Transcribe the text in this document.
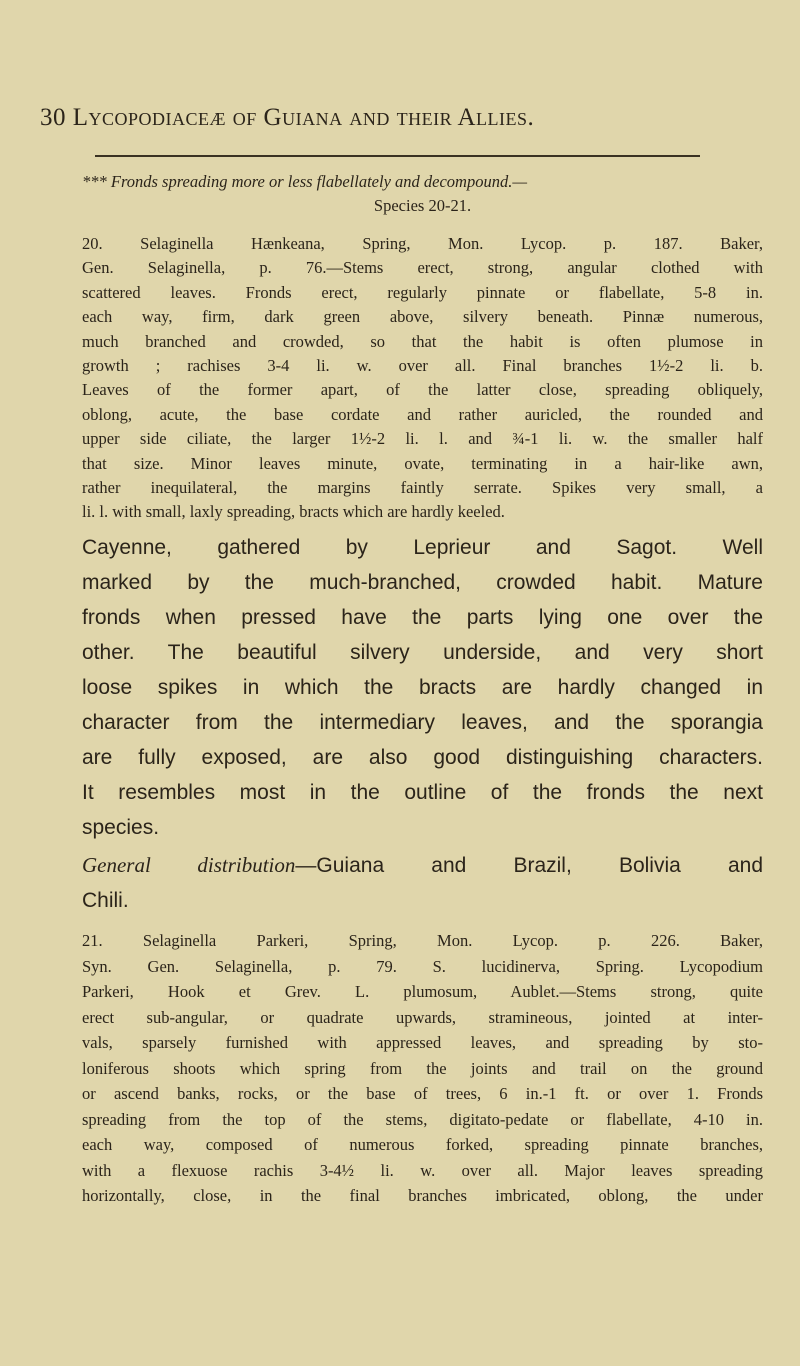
30 Lycopodiaceæ of Guiana and their Allies.
*** Fronds spreading more or less flabellately and decompound.—
Species 20-21.
20. Selaginella Hænkeana, Spring, Mon. Lycop. p. 187. Baker,
Gen. Selaginella, p. 76.—Stems erect, strong, angular clothed with
scattered leaves. Fronds erect, regularly pinnate or flabellate, 5-8 in.
each way, firm, dark green above, silvery beneath. Pinnæ numerous,
much branched and crowded, so that the habit is often plumose in
growth ; rachises 3-4 li. w. over all. Final branches 1½-2 li. b.
Leaves of the former apart, of the latter close, spreading obliquely,
oblong, acute, the base cordate and rather auricled, the rounded and
upper side ciliate, the larger 1½-2 li. l. and ¾-1 li. w. the smaller half
that size. Minor leaves minute, ovate, terminating in a hair-like awn,
rather inequilateral, the margins faintly serrate. Spikes very small, a
li. l. with small, laxly spreading, bracts which are hardly keeled.
Cayenne, gathered by Leprieur and Sagot. Well
marked by the much-branched, crowded habit. Mature
fronds when pressed have the parts lying one over the
other. The beautiful silvery underside, and very short
loose spikes in which the bracts are hardly changed in
character from the intermediary leaves, and the sporangia
are fully exposed, are also good distinguishing characters.
It resembles most in the outline of the fronds the next
species.
General distribution—Guiana and Brazil, Bolivia and
Chili.
21. Selaginella Parkeri, Spring, Mon. Lycop. p. 226. Baker,
Syn. Gen. Selaginella, p. 79. S. lucidinerva, Spring. Lycopodium
Parkeri, Hook et Grev. L. plumosum, Aublet.—Stems strong, quite
erect sub-angular, or quadrate upwards, stramineous, jointed at inter-
vals, sparsely furnished with appressed leaves, and spreading by sto-
loniferous shoots which spring from the joints and trail on the ground
or ascend banks, rocks, or the base of trees, 6 in.-1 ft. or over 1. Fronds
spreading from the top of the stems, digitato-pedate or flabellate, 4-10 in.
each way, composed of numerous forked, spreading pinnate branches,
with a flexuose rachis 3-4½ li. w. over all. Major leaves spreading
horizontally, close, in the final branches imbricated, oblong, the under
